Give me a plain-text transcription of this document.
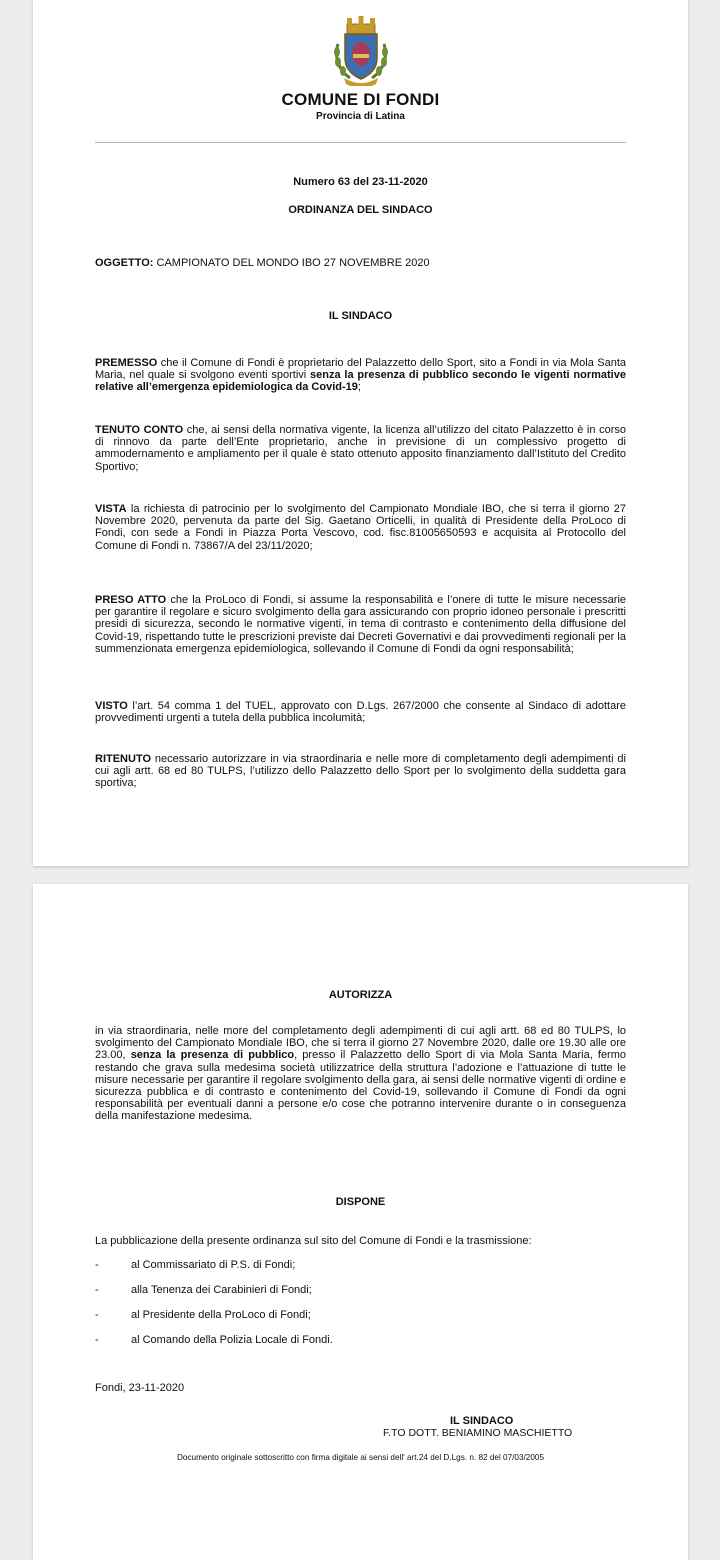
COMUNE DI FONDI
Provincia di Latina
Numero 63 del 23-11-2020
ORDINANZA DEL SINDACO
OGGETTO: CAMPIONATO DEL MONDO IBO 27 NOVEMBRE 2020
IL SINDACO
PREMESSO che il Comune di Fondi è proprietario del Palazzetto dello Sport, sito a Fondi in via Mola Santa Maria, nel quale si svolgono eventi sportivi senza la presenza di pubblico secondo le vigenti normative relative all’emergenza epidemiologica da Covid-19;
TENUTO CONTO che, ai sensi della normativa vigente, la licenza all’utilizzo del citato Palazzetto è in corso di rinnovo da parte dell’Ente proprietario, anche in previsione di un complessivo progetto di ammodernamento e ampliamento per il quale è stato ottenuto apposito finanziamento dall’Istituto del Credito Sportivo;
VISTA la richiesta di patrocinio per lo svolgimento del Campionato Mondiale IBO, che si terra il giorno 27 Novembre 2020, pervenuta da parte del Sig. Gaetano Orticelli, in qualità di Presidente della ProLoco di Fondi, con sede a Fondi in Piazza Porta Vescovo, cod. fisc.81005650593 e acquisita al Protocollo del Comune di Fondi n. 73867/A del 23/11/2020;
PRESO ATTO che la ProLoco di Fondi, si assume la responsabilità e l’onere di tutte le misure necessarie per garantire il regolare e sicuro svolgimento della gara assicurando con proprio idoneo personale i prescritti presidi di sicurezza, secondo le normative vigenti, in tema di contrasto e contenimento della diffusione del Covid-19, rispettando tutte le prescrizioni previste dai Decreti Governativi e dai provvedimenti regionali per la summenzionata emergenza epidemiologica, sollevando il Comune di Fondi da ogni responsabilità;
VISTO l’art. 54 comma 1 del TUEL, approvato con D.Lgs. 267/2000 che consente al Sindaco di adottare provvedimenti urgenti a tutela della pubblica incolumità;
RITENUTO necessario autorizzare in via straordinaria e nelle more di completamento degli adempimenti di cui agli artt. 68 ed 80 TULPS, l’utilizzo dello Palazzetto dello Sport per lo svolgimento della suddetta gara sportiva;
AUTORIZZA
in via straordinaria, nelle more del completamento degli adempimenti di cui agli artt. 68 ed 80 TULPS, lo svolgimento del Campionato Mondiale IBO, che si terra il giorno 27 Novembre 2020, dalle ore 19.30 alle ore 23.00, senza la presenza di pubblico, presso il Palazzetto dello Sport di via Mola Santa Maria, fermo restando che grava sulla medesima società utilizzatrice della struttura l’adozione e l’attuazione di tutte le misure necessarie per garantire il regolare svolgimento della gara, ai sensi delle normative vigenti di ordine e sicurezza pubblica e di contrasto e contenimento del Covid-19, sollevando il Comune di Fondi da ogni responsabilità per eventuali danni a persone e/o cose che potranno intervenire durante o in conseguenza della manifestazione medesima.
DISPONE
La pubblicazione della presente ordinanza sul sito del Comune di Fondi e la trasmissione:
-	al Commissariato di P.S. di Fondi;
-	alla Tenenza dei Carabinieri di Fondi;
-	al Presidente della ProLoco di Fondi;
-	al Comando della Polizia Locale di Fondi.
Fondi, 23-11-2020
IL SINDACO
F.TO DOTT. BENIAMINO MASCHIETTO
Documento originale sottoscritto con firma digitale ai sensi dell' art.24 del D.Lgs. n. 82 del 07/03/2005
